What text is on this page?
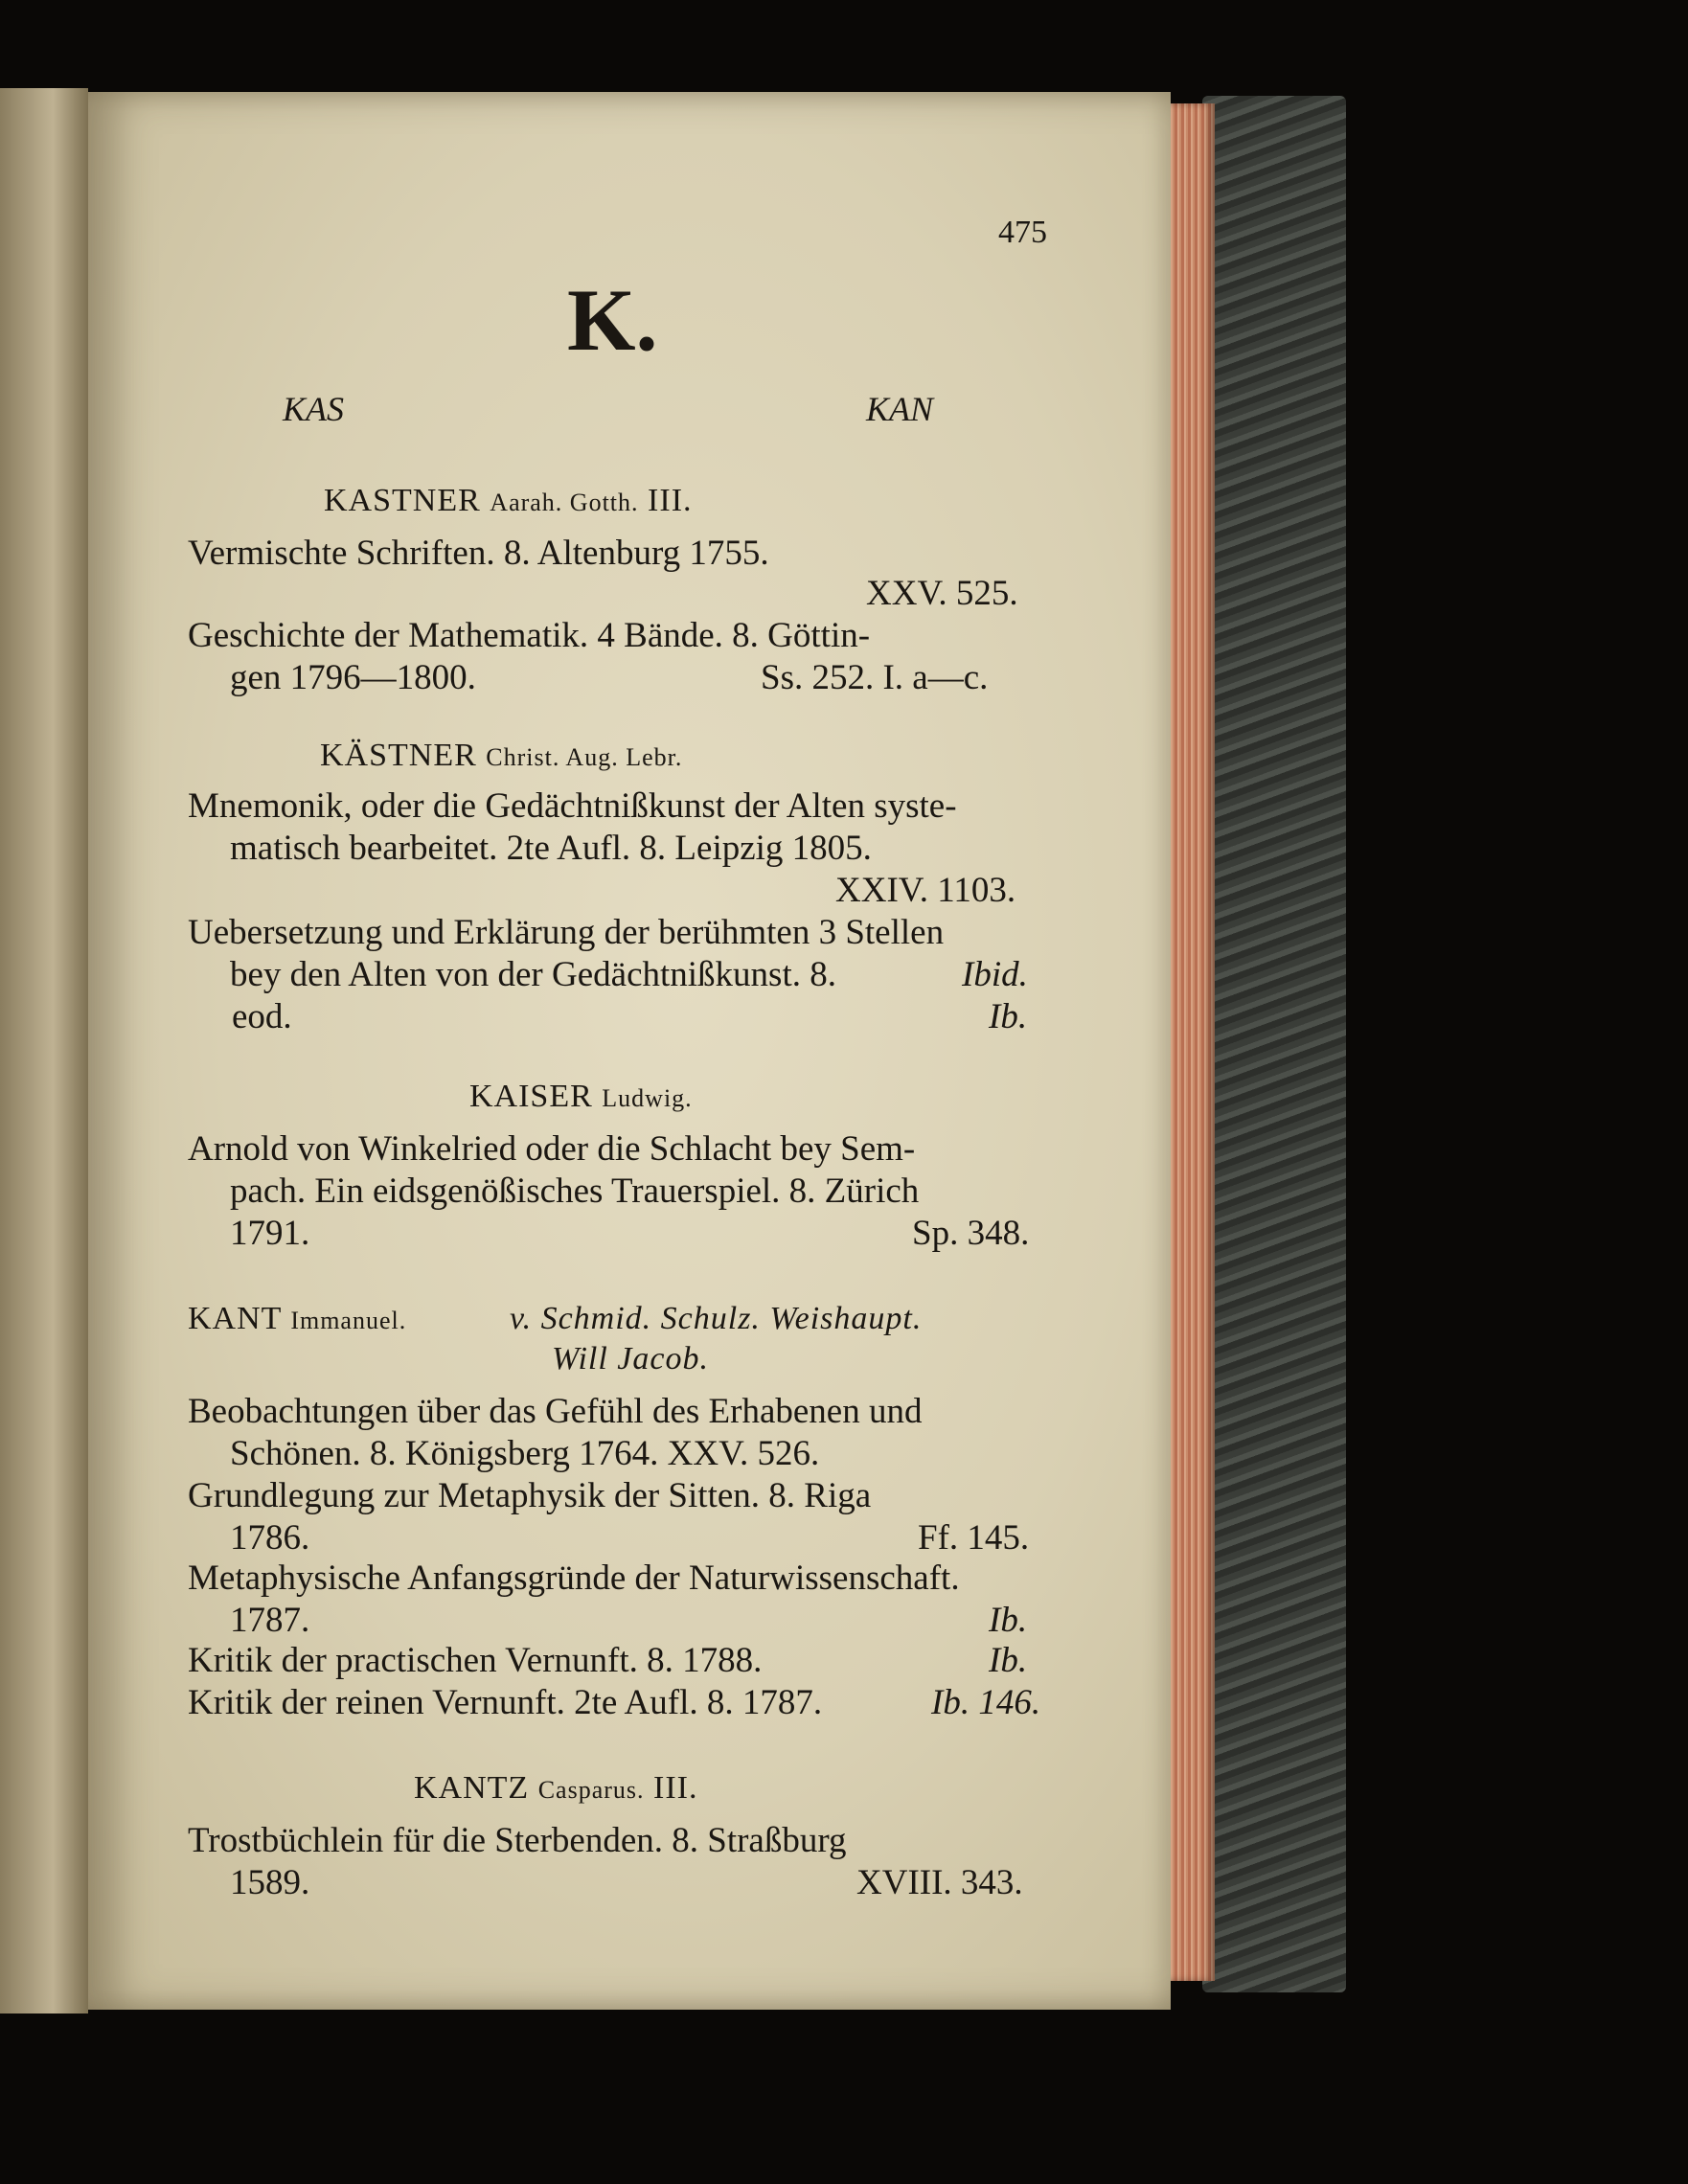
475
K.
KAS	KAN
KASTNER Aarah. Gotth. III.
Vermischte Schriften. 8. Altenburg 1755.
XXV. 525.
Geschichte der Mathematik. 4 Bände. 8. Göttin-
gen 1796—1800.	Ss. 252. I. a—c.
KÄSTNER Christ. Aug. Lebr.
Mnemonik, oder die Gedächtnißkunst der Alten syste-
matisch bearbeitet. 2te Aufl. 8. Leipzig 1805.
XXIV. 1103.
Uebersetzung und Erklärung der berühmten 3 Stellen
bey den Alten von der Gedächtnißkunst. 8.	Ibid.
eod.	Ib.
KAISER Ludwig.
Arnold von Winkelried oder die Schlacht bey Sem-
pach. Ein eidsgenößisches Trauerspiel. 8. Zürich
1791.	Sp. 348.
KANT Immanuel.	v. Schmid. Schulz. Weishaupt.
Will Jacob.
Beobachtungen über das Gefühl des Erhabenen und
Schönen. 8. Königsberg 1764. XXV. 526.
Grundlegung zur Metaphysik der Sitten. 8. Riga
1786.	Ff. 145.
Metaphysische Anfangsgründe der Naturwissenschaft.
1787.	Ib.
Kritik der practischen Vernunft. 8. 1788.	Ib.
Kritik der reinen Vernunft. 2te Aufl. 8. 1787.	Ib. 146.
KANTZ Casparus. III.
Trostbüchlein für die Sterbenden. 8. Straßburg
1589.	XVIII. 343.
